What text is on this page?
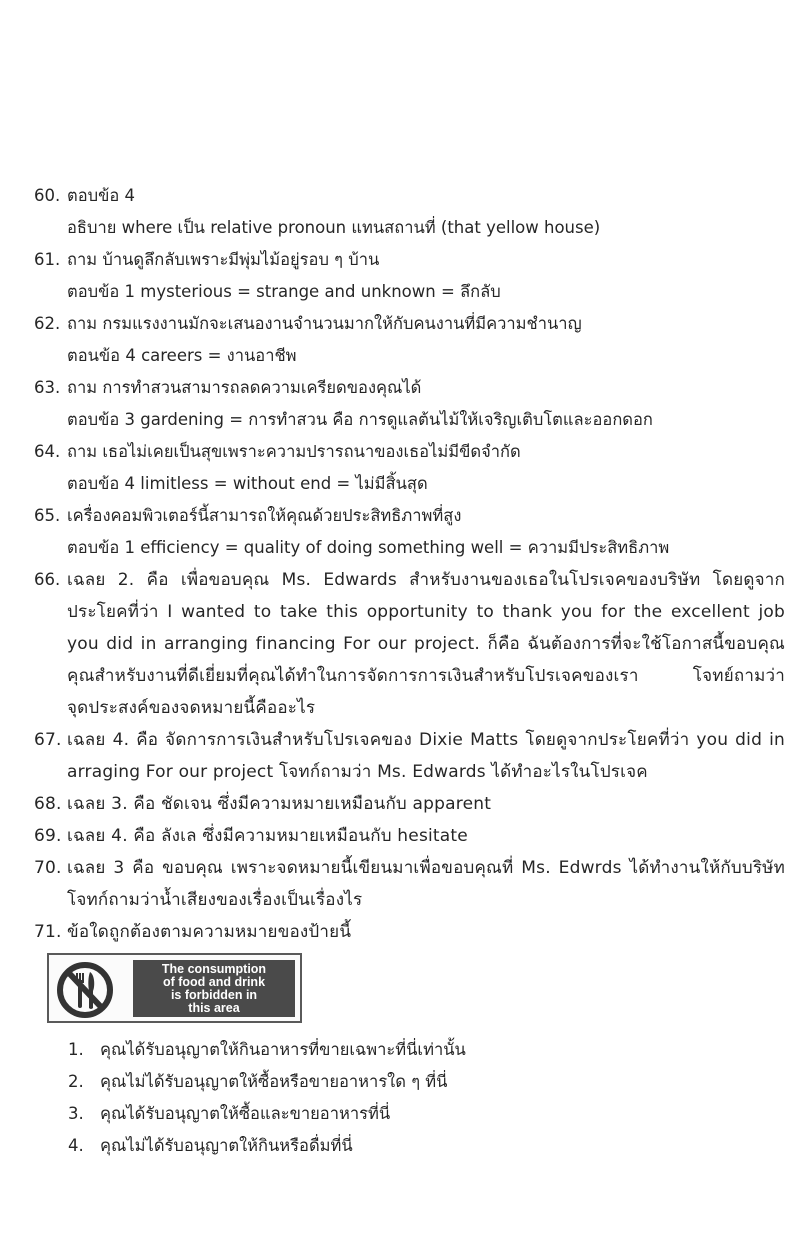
60. ตอบข้อ 4
อธิบาย where เป็น relative pronoun แทนสถานที่ (that yellow house)
61. ถาม บ้านดูลึกลับเพราะมีพุ่มไม้อยู่รอบ ๆ บ้าน
ตอบข้อ 1 mysterious = strange and unknown = ลึกลับ
62. ถาม กรมแรงงานมักจะเสนองานจำนวนมากให้กับคนงานที่มีความชำนาญ
ตอนข้อ 4 careers = งานอาชีพ
63. ถาม การทำสวนสามารถลดความเครียดของคุณได้
ตอบข้อ 3 gardening = การทำสวน คือ การดูแลต้นไม้ให้เจริญเติบโตและออกดอก
64. ถาม เธอไม่เคยเป็นสุขเพราะความปรารถนาของเธอไม่มีขีดจำกัด
ตอบข้อ 4 limitless = without end = ไม่มีสิ้นสุด
65. เครื่องคอมพิวเตอร์นี้สามารถให้คุณด้วยประสิทธิภาพที่สูง
ตอบข้อ 1 efficiency = quality of doing something well = ความมีประสิทธิภาพ
66. เฉลย 2. คือ เพื่อขอบคุณ Ms. Edwards สำหรับงานของเธอในโปรเจคของบริษัท โดยดูจาก
ประโยคที่ว่า I wanted to take this opportunity to thank you for the excellent job
you did in arranging financing For our project. ก็คือ ฉันต้องการที่จะใช้โอกาสนี้ขอบคุณ
คุณสำหรับงานที่ดีเยี่ยมที่คุณได้ทำในการจัดการการเงินสำหรับโปรเจคของเรา โจทย์ถามว่า
จุดประสงค์ของจดหมายนี้คืออะไร
67. เฉลย 4. คือ จัดการการเงินสำหรับโปรเจคของ Dixie Matts โดยดูจากประโยคที่ว่า you did in
arraging For our project โจทก์ถามว่า Ms. Edwards ได้ทำอะไรในโปรเจค
68. เฉลย 3. คือ ชัดเจน ซึ่งมีความหมายเหมือนกับ apparent
69. เฉลย 4. คือ ลังเล ซึ่งมีความหมายเหมือนกับ hesitate
70. เฉลย 3 คือ ขอบคุณ เพราะจดหมายนี้เขียนมาเพื่อขอบคุณที่ Ms. Edwrds ได้ทำงานให้กับบริษัท
โจทก์ถามว่าน้ำเสียงของเรื่องเป็นเรื่องไร
71. ข้อใดถูกต้องตามความหมายของป้ายนี้
The consumption
of food and drink
is forbidden in
this area
1. คุณได้รับอนุญาตให้กินอาหารที่ขายเฉพาะที่นี่เท่านั้น
2. คุณไม่ได้รับอนุญาตให้ซื้อหรือขายอาหารใด ๆ ที่นี่
3. คุณได้รับอนุญาตให้ซื้อและขายอาหารที่นี่
4. คุณไม่ได้รับอนุญาตให้กินหรือดื่มที่นี่
